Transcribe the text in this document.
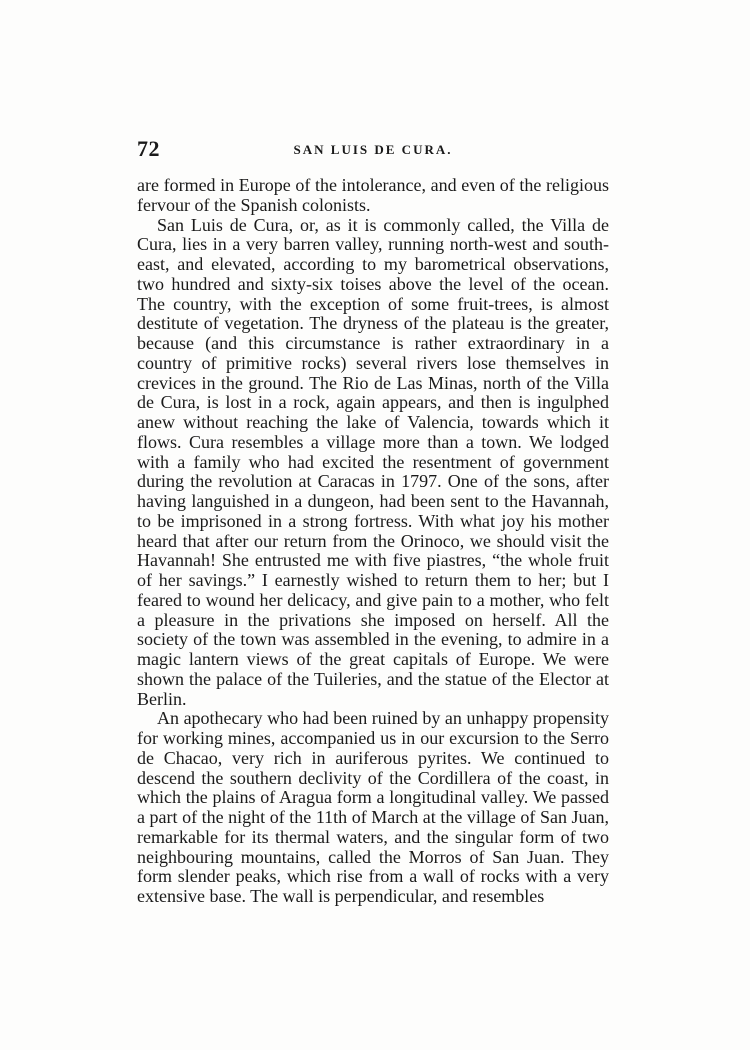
72	SAN LUIS DE CURA.

are formed in Europe of the intolerance, and even of the religious fervour of the Spanish colonists.

San Luis de Cura, or, as it is commonly called, the Villa de Cura, lies in a very barren valley, running north-west and south-east, and elevated, according to my barometrical observations, two hundred and sixty-six toises above the level of the ocean. The country, with the exception of some fruit-trees, is almost destitute of vegetation. The dryness of the plateau is the greater, because (and this circumstance is rather extraordinary in a country of primitive rocks) several rivers lose themselves in crevices in the ground. The Rio de Las Minas, north of the Villa de Cura, is lost in a rock, again appears, and then is ingulphed anew without reaching the lake of Valencia, towards which it flows. Cura resembles a village more than a town. We lodged with a family who had excited the resentment of government during the revolution at Caracas in 1797. One of the sons, after having languished in a dungeon, had been sent to the Havannah, to be imprisoned in a strong fortress. With what joy his mother heard that after our return from the Orinoco, we should visit the Havannah! She entrusted me with five piastres, “the whole fruit of her savings.” I earnestly wished to return them to her; but I feared to wound her delicacy, and give pain to a mother, who felt a pleasure in the privations she imposed on herself. All the society of the town was assembled in the evening, to admire in a magic lantern views of the great capitals of Europe. We were shown the palace of the Tuileries, and the statue of the Elector at Berlin.

An apothecary who had been ruined by an unhappy propensity for working mines, accompanied us in our excursion to the Serro de Chacao, very rich in auriferous pyrites. We continued to descend the southern declivity of the Cordillera of the coast, in which the plains of Aragua form a longitudinal valley. We passed a part of the night of the 11th of March at the village of San Juan, remarkable for its thermal waters, and the singular form of two neighbouring mountains, called the Morros of San Juan. They form slender peaks, which rise from a wall of rocks with a very extensive base. The wall is perpendicular, and resembles
